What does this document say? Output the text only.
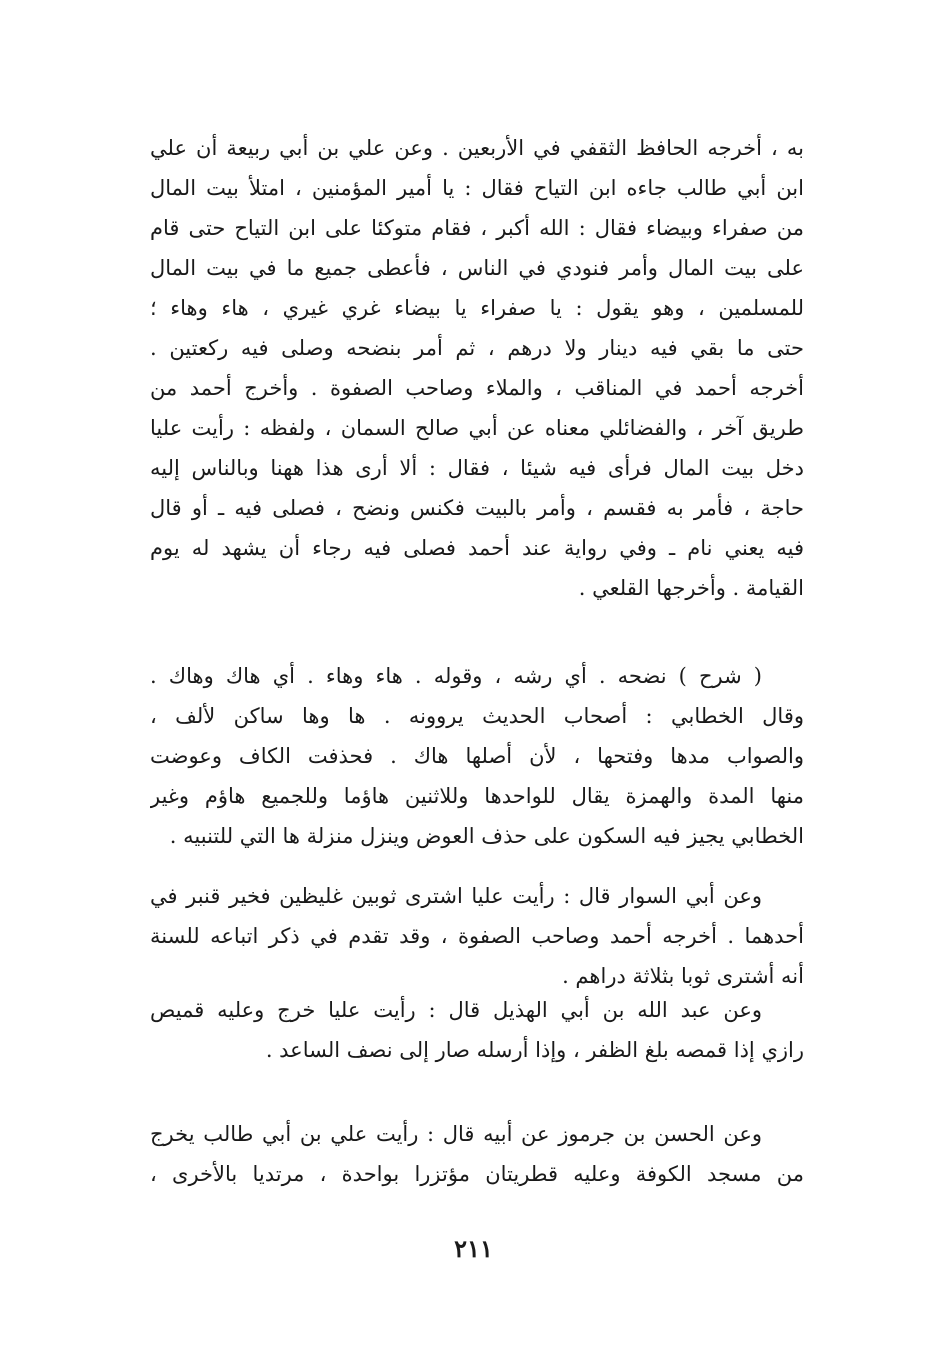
به ، أخرجه الحافظ الثقفي في الأربعين . وعن علي بن أبي ربيعة أن علي
ابن أبي طالب جاءه ابن التياح فقال : يا أمير المؤمنين ، امتلأ بيت المال
من صفراء وبيضاء فقال : الله أكبر ، فقام متوكئا على ابن التياح حتى قام
على بيت المال وأمر فنودي في الناس ، فأعطى جميع ما في بيت المال
للمسلمين ، وهو يقول : يا صفراء يا بيضاء غري غيري ، هاء وهاء ؛
حتى ما بقي فيه دينار ولا درهم ، ثم أمر بنضحه وصلى فيه ركعتين .
أخرجه أحمد في المناقب ، والملاء وصاحب الصفوة . وأخرج أحمد من
طريق آخر ، والفضائلي معناه عن أبي صالح السمان ، ولفظه : رأيت عليا
دخل بيت المال فرأى فيه شيئا ، فقال : ألا أرى هذا ههنا وبالناس إليه
حاجة ، فأمر به فقسم ، وأمر بالبيت فكنس ونضح ، فصلى فيه ـ أو قال
فيه يعني نام ـ وفي رواية عند أحمد فصلى فيه رجاء أن يشهد له يوم
القيامة . وأخرجها القلعي .
( شرح ) نضحه . أي رشه ، وقوله . هاء وهاء . أي هاك وهاك .
وقال الخطابي : أصحاب الحديث يروونه . ها وها ساكن لألف ،
والصواب مدها وفتحها ، لأن أصلها هاك . فحذفت الكاف وعوضت
منها المدة والهمزة يقال للواحدها وللاثنين هاؤما وللجميع هاؤم وغير
الخطابي يجيز فيه السكون على حذف العوض وينزل منزلة ها التي للتنبيه .
وعن أبي السوار قال : رأيت عليا اشترى ثوبين غليظين فخير قنبر في
أحدهما . أخرجه أحمد وصاحب الصفوة ، وقد تقدم في ذكر اتباعه للسنة
أنه أشترى ثوبا بثلاثة دراهم .
وعن عبد الله بن أبي الهذيل قال : رأيت عليا خرج وعليه قميص
رازي إذا قمصه بلغ الظفر ، وإذا أرسله صار إلى نصف الساعد .
وعن الحسن بن جرموز عن أبيه قال : رأيت علي بن أبي طالب يخرج
من مسجد الكوفة وعليه قطريتان مؤتزرا بواحدة ، مرتديا بالأخرى ،
٢١١
